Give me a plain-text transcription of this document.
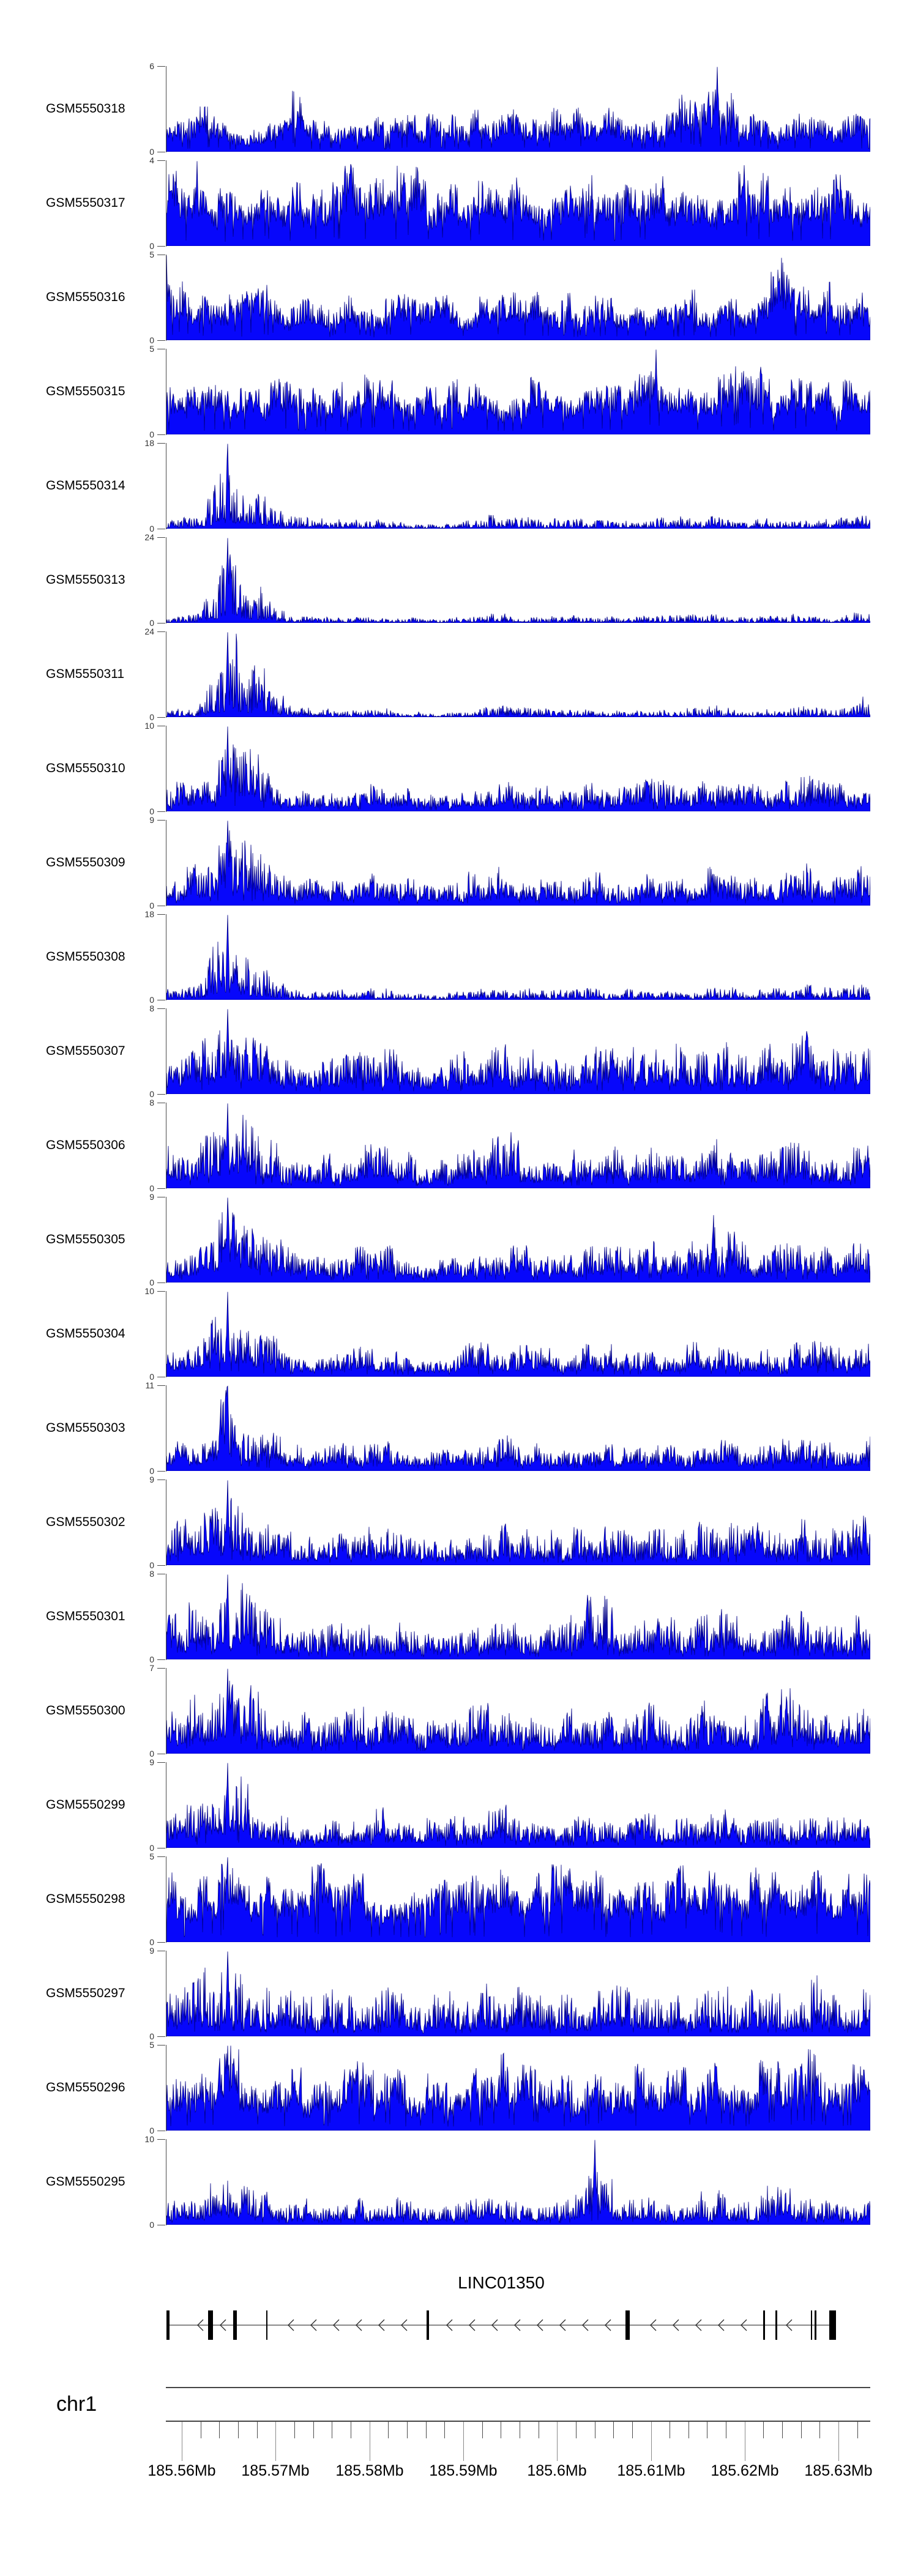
GSM5550318
6
0
GSM5550317
4
0
GSM5550316
5
0
GSM5550315
5
0
GSM5550314
18
0
GSM5550313
24
0
GSM5550311
24
0
GSM5550310
10
0
GSM5550309
9
0
GSM5550308
18
0
GSM5550307
8
0
GSM5550306
8
0
GSM5550305
9
0
GSM5550304
10
0
GSM5550303
11
0
GSM5550302
9
0
GSM5550301
8
0
GSM5550300
7
0
GSM5550299
9
0
GSM5550298
5
0
GSM5550297
9
0
GSM5550296
5
0
GSM5550295
10
0
LINC01350
chr1
185.56Mb	185.57Mb	185.58Mb	185.59Mb	185.6Mb	185.61Mb	185.62Mb	185.63Mb
